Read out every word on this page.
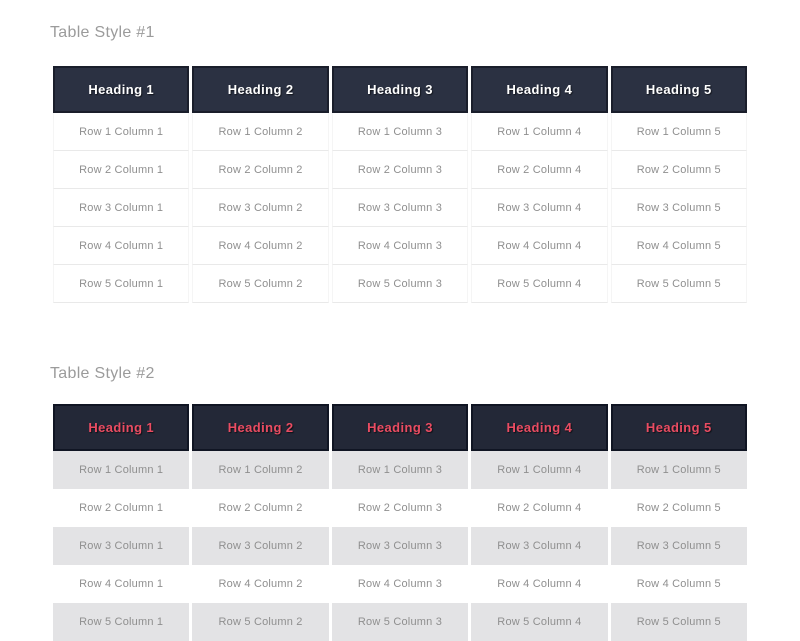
Table Style #1
Heading 1	Heading 2	Heading 3	Heading 4	Heading 5
Row 1 Column 1	Row 1 Column 2	Row 1 Column 3	Row 1 Column 4	Row 1 Column 5
Row 2 Column 1	Row 2 Column 2	Row 2 Column 3	Row 2 Column 4	Row 2 Column 5
Row 3 Column 1	Row 3 Column 2	Row 3 Column 3	Row 3 Column 4	Row 3 Column 5
Row 4 Column 1	Row 4 Column 2	Row 4 Column 3	Row 4 Column 4	Row 4 Column 5
Row 5 Column 1	Row 5 Column 2	Row 5 Column 3	Row 5 Column 4	Row 5 Column 5
Table Style #2
Heading 1	Heading 2	Heading 3	Heading 4	Heading 5
Row 1 Column 1	Row 1 Column 2	Row 1 Column 3	Row 1 Column 4	Row 1 Column 5
Row 2 Column 1	Row 2 Column 2	Row 2 Column 3	Row 2 Column 4	Row 2 Column 5
Row 3 Column 1	Row 3 Column 2	Row 3 Column 3	Row 3 Column 4	Row 3 Column 5
Row 4 Column 1	Row 4 Column 2	Row 4 Column 3	Row 4 Column 4	Row 4 Column 5
Row 5 Column 1	Row 5 Column 2	Row 5 Column 3	Row 5 Column 4	Row 5 Column 5
